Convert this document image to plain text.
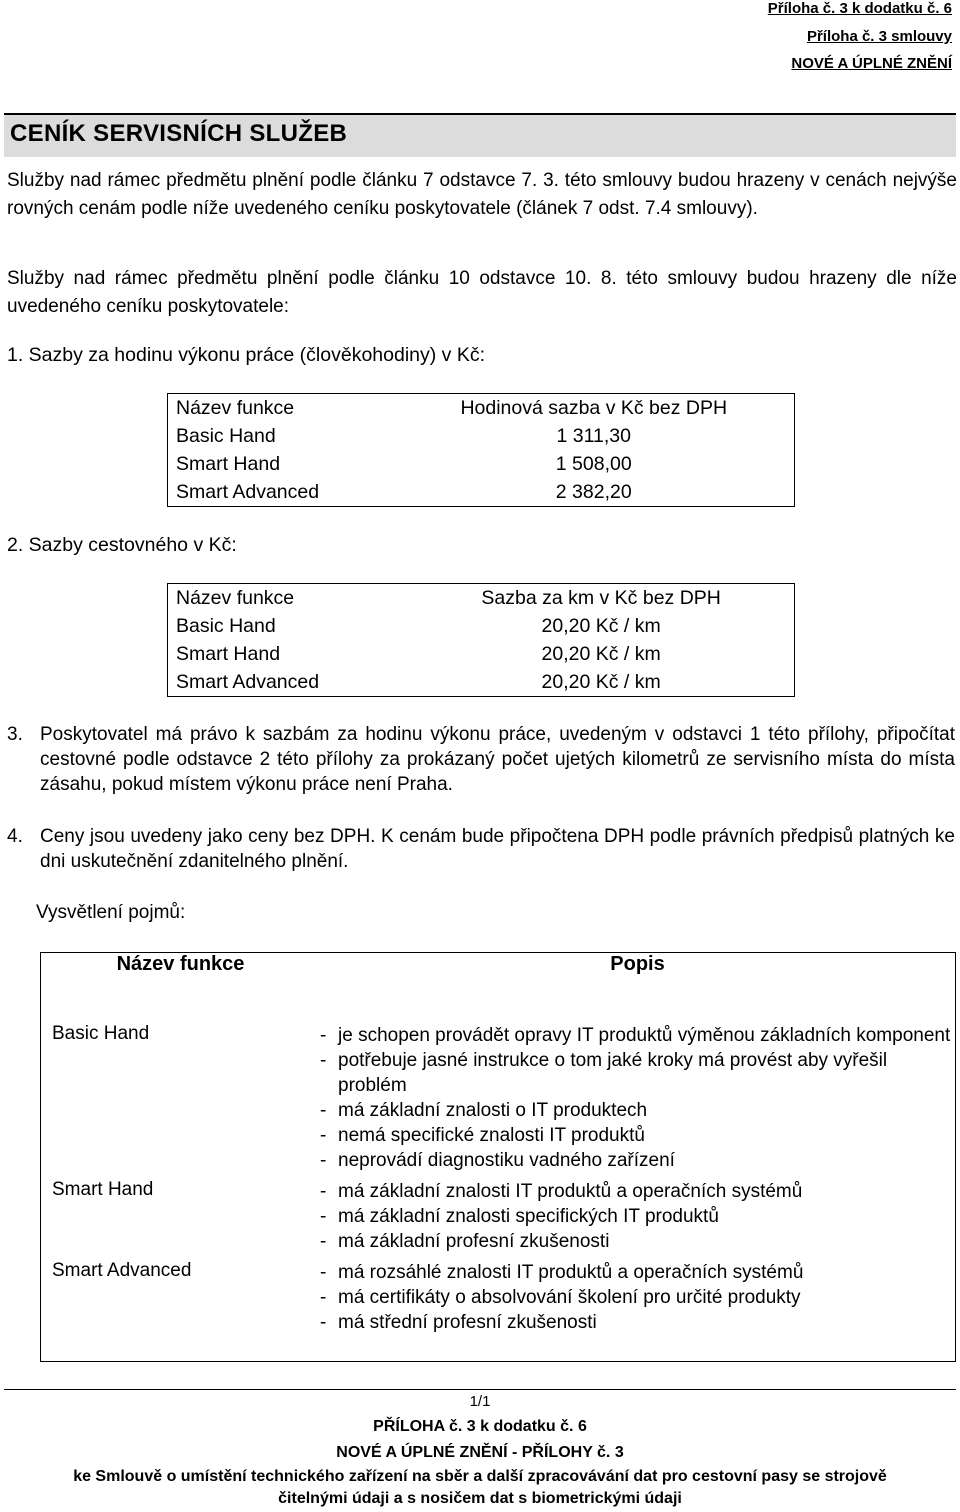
Příloha č. 3 k dodatku č. 6
Příloha č. 3 smlouvy
NOVÉ A ÚPLNÉ ZNĚNÍ
CENÍK SERVISNÍCH SLUŽEB
Služby nad rámec předmětu plnění podle článku 7 odstavce 7. 3. této smlouvy budou hrazeny v cenách nejvýše rovných cenám podle níže uvedeného ceníku poskytovatele (článek 7 odst. 7.4 smlouvy).
Služby nad rámec předmětu plnění podle článku 10 odstavce 10. 8. této smlouvy budou hrazeny dle níže uvedeného ceníku poskytovatele:
1. Sazby za hodinu výkonu práce (člověkohodiny) v Kč:
Název funkce	Hodinová sazba v Kč bez DPH
Basic Hand	1 311,30
Smart Hand	1 508,00
Smart Advanced	2 382,20
2. Sazby cestovného v Kč:
Název funkce	Sazba za km v Kč bez DPH
Basic Hand	20,20 Kč / km
Smart Hand	20,20 Kč / km
Smart Advanced	20,20 Kč / km
3. Poskytovatel má právo k sazbám za hodinu výkonu práce, uvedeným v odstavci 1 této přílohy, připočítat cestovné podle odstavce 2 této přílohy za prokázaný počet ujetých kilometrů ze servisního místa do místa zásahu, pokud místem výkonu práce není Praha.
4. Ceny jsou uvedeny jako ceny bez DPH. K cenám bude připočtena DPH podle právních předpisů platných ke dni uskutečnění zdanitelného plnění.
Vysvětlení pojmů:
Název funkce	Popis
Basic Hand	- je schopen provádět opravy IT produktů výměnou základních komponent
- potřebuje jasné instrukce o tom jaké kroky má provést aby vyřešil problém
- má základní znalosti o IT produktech
- nemá specifické znalosti IT produktů
- neprovádí diagnostiku vadného zařízení

Smart Hand	- má základní znalosti IT produktů a operačních systémů
- má základní znalosti specifických IT produktů
- má základní profesní zkušenosti

Smart Advanced	- má rozsáhlé znalosti IT produktů a operačních systémů
- má certifikáty o absolvování školení pro určité produkty
- má střední profesní zkušenosti
1/1
PŘÍLOHA č. 3 k dodatku č. 6
NOVÉ A ÚPLNÉ ZNĚNÍ - PŘÍLOHY č. 3
ke Smlouvě o umístění technického zařízení na sběr a další zpracovávání dat pro cestovní pasy se strojově
čitelnými údaji a s nosičem dat s biometrickými údaji
